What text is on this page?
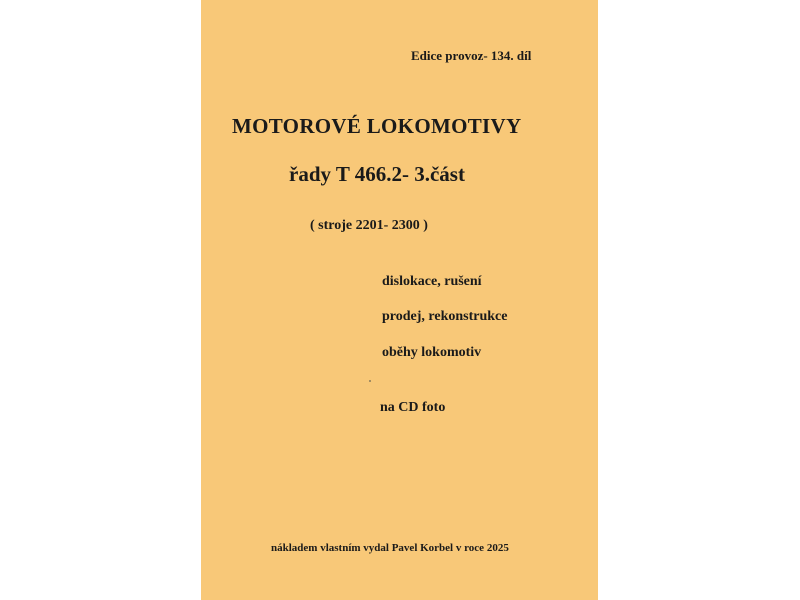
Edice provoz- 134. díl
MOTOROVÉ LOKOMOTIVY
řady T 466.2- 3.část
( stroje 2201- 2300 )
dislokace, rušení
prodej, rekonstrukce
oběhy lokomotiv
na CD foto
nákladem vlastním vydal Pavel Korbel v roce 2025
